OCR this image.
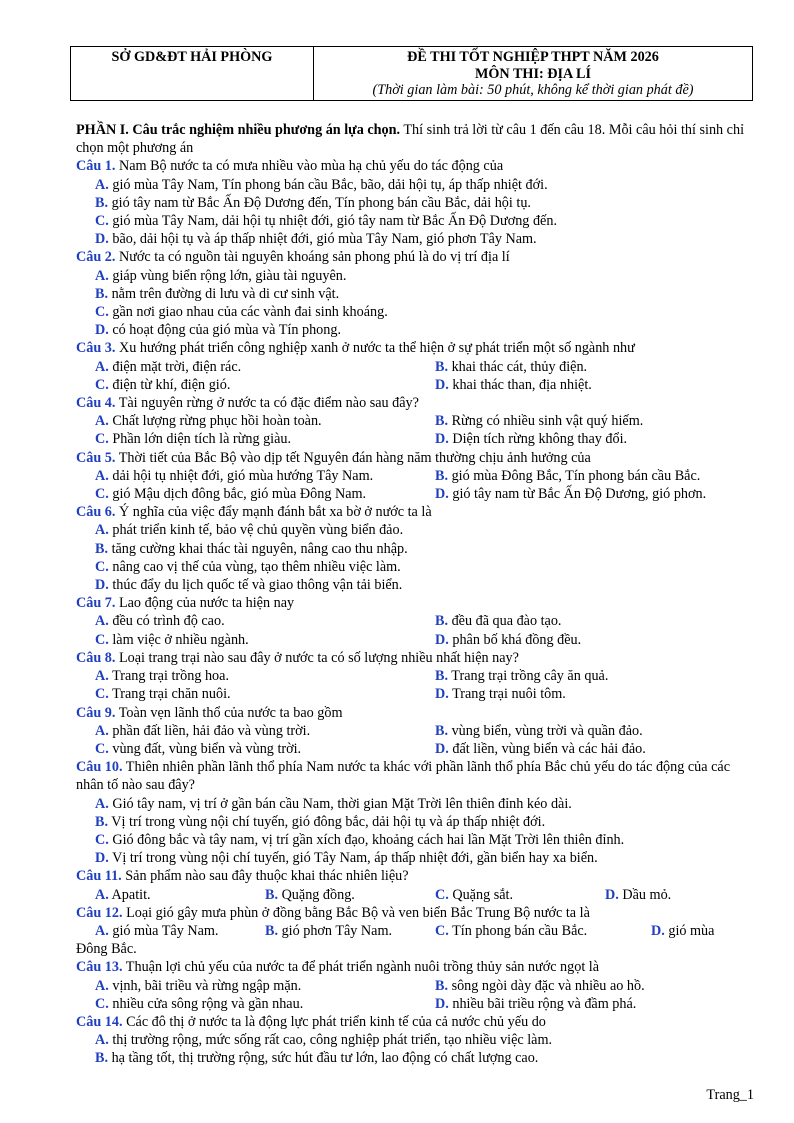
SỞ GD&ĐT HẢI PHÒNG	ĐỀ THI TỐT NGHIỆP THPT NĂM 2026
MÔN THI: ĐỊA LÍ
(Thời gian làm bài: 50 phút, không kể thời gian phát đề)
PHẦN I. Câu trắc nghiệm nhiều phương án lựa chọn. Thí sinh trả lời từ câu 1 đến câu 18. Mỗi câu hỏi thí sinh chỉ chọn một phương án
Câu 1. Nam Bộ nước ta có mưa nhiều vào mùa hạ chủ yếu do tác động của
A. gió mùa Tây Nam, Tín phong bán cầu Bắc, bão, dải hội tụ, áp thấp nhiệt đới.
B. gió tây nam từ Bắc Ấn Độ Dương đến, Tín phong bán cầu Bắc, dải hội tụ.
C. gió mùa Tây Nam, dải hội tụ nhiệt đới, gió tây nam từ Bắc Ấn Độ Dương đến.
D. bão, dải hội tụ và áp thấp nhiệt đới, gió mùa Tây Nam, gió phơn Tây Nam.
Câu 2. Nước ta có nguồn tài nguyên khoáng sản phong phú là do vị trí địa lí
A. giáp vùng biển rộng lớn, giàu tài nguyên.
B. nằm trên đường di lưu và di cư sinh vật.
C. gần nơi giao nhau của các vành đai sinh khoáng.
D. có hoạt động của gió mùa và Tín phong.
Câu 3. Xu hướng phát triển công nghiệp xanh ở nước ta thể hiện ở sự phát triển một số ngành như
A. điện mặt trời, điện rác.	B. khai thác cát, thủy điện.
C. điện từ khí, điện gió.	D. khai thác than, địa nhiệt.
Câu 4. Tài nguyên rừng ở nước ta có đặc điểm nào sau đây?
A. Chất lượng rừng phục hồi hoàn toàn.	B. Rừng có nhiều sinh vật quý hiếm.
C. Phần lớn diện tích là rừng giàu.	D. Diện tích rừng không thay đổi.
Câu 5. Thời tiết của Bắc Bộ vào dịp tết Nguyên đán hàng năm thường chịu ảnh hưởng của
A. dải hội tụ nhiệt đới, gió mùa hướng Tây Nam.	B. gió mùa Đông Bắc, Tín phong bán cầu Bắc.
C. gió Mậu dịch đông bắc, gió mùa Đông Nam.	D. gió tây nam từ Bắc Ấn Độ Dương, gió phơn.
Câu 6. Ý nghĩa của việc đẩy mạnh đánh bắt xa bờ ở nước ta là
A. phát triển kinh tế, bảo vệ chủ quyền vùng biển đảo.
B. tăng cường khai thác tài nguyên, nâng cao thu nhập.
C. nâng cao vị thế của vùng, tạo thêm nhiều việc làm.
D. thúc đẩy du lịch quốc tế và giao thông vận tải biển.
Câu 7. Lao động của nước ta hiện nay
A. đều có trình độ cao.	B. đều đã qua đào tạo.
C. làm việc ở nhiều ngành.	D. phân bố khá đồng đều.
Câu 8. Loại trang trại nào sau đây ở nước ta có số lượng nhiều nhất hiện nay?
A. Trang trại trồng hoa.	B. Trang trại trồng cây ăn quả.
C. Trang trại chăn nuôi.	D. Trang trại nuôi tôm.
Câu 9. Toàn vẹn lãnh thổ của nước ta bao gồm
A. phần đất liền, hải đảo và vùng trời.	B. vùng biển, vùng trời và quần đảo.
C. vùng đất, vùng biển và vùng trời.	D. đất liền, vùng biển và các hải đảo.
Câu 10. Thiên nhiên phần lãnh thổ phía Nam nước ta khác với phần lãnh thổ phía Bắc chủ yếu do tác động của các nhân tố nào sau đây?
A. Gió tây nam, vị trí ở gần bán cầu Nam, thời gian Mặt Trời lên thiên đỉnh kéo dài.
B. Vị trí trong vùng nội chí tuyến, gió đông bắc, dải hội tụ và áp thấp nhiệt đới.
C. Gió đông bắc và tây nam, vị trí gần xích đạo, khoảng cách hai lần Mặt Trời lên thiên đỉnh.
D. Vị trí trong vùng nội chí tuyến, gió Tây Nam, áp thấp nhiệt đới, gần biển hay xa biển.
Câu 11. Sản phẩm nào sau đây thuộc khai thác nhiên liệu?
A. Apatit.	B. Quặng đồng.	C. Quặng sắt.	D. Dầu mỏ.
Câu 12. Loại gió gây mưa phùn ở đồng bằng Bắc Bộ và ven biển Bắc Trung Bộ nước ta là
A. gió mùa Tây Nam.	B. gió phơn Tây Nam.	C. Tín phong bán cầu Bắc.	D. gió mùa
Đông Bắc.
Câu 13. Thuận lợi chủ yếu của nước ta để phát triển ngành nuôi trồng thủy sản nước ngọt là
A. vịnh, bãi triều và rừng ngập mặn.	B. sông ngòi dày đặc và nhiều ao hồ.
C. nhiều cửa sông rộng và gần nhau.	D. nhiều bãi triều rộng và đầm phá.
Câu 14. Các đô thị ở nước ta là động lực phát triển kinh tế của cả nước chủ yếu do
A. thị trường rộng, mức sống rất cao, công nghiệp phát triển, tạo nhiều việc làm.
B. hạ tầng tốt, thị trường rộng, sức hút đầu tư lớn, lao động có chất lượng cao.
Trang_1
